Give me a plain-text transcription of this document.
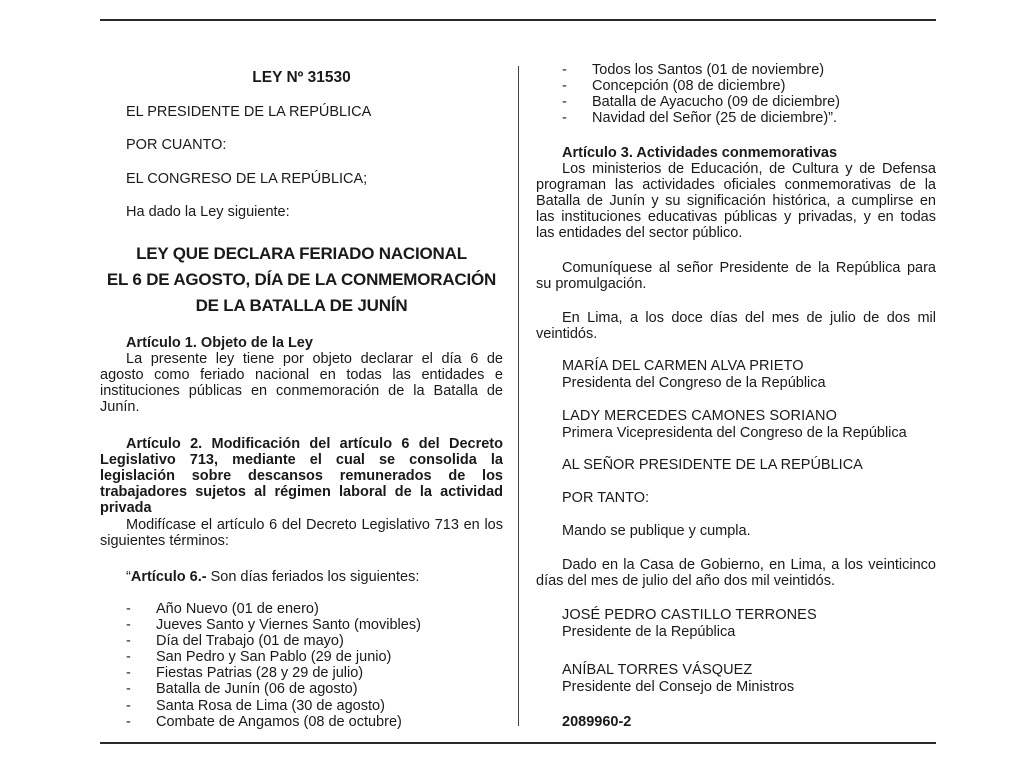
LEY Nº 31530

EL PRESIDENTE DE LA REPÚBLICA

POR CUANTO:

EL CONGRESO DE LA REPÚBLICA;

Ha dado la Ley siguiente:

LEY QUE DECLARA FERIADO NACIONAL
EL 6 DE AGOSTO, DÍA DE LA CONMEMORACIÓN
DE LA BATALLA DE JUNÍN

Artículo 1. Objeto de la Ley

La presente ley tiene por objeto declarar el día 6 de agosto como feriado nacional en todas las entidades e instituciones públicas en conmemoración de la Batalla de Junín.

Artículo 2. Modificación del artículo 6 del Decreto Legislativo 713, mediante el cual se consolida la legislación sobre descansos remunerados de los trabajadores sujetos al régimen laboral de la actividad privada

Modifícase el artículo 6 del Decreto Legislativo 713 en los siguientes términos:

“Artículo 6.- Son días feriados los siguientes:

- Año Nuevo (01 de enero)
- Jueves Santo y Viernes Santo (movibles)
- Día del Trabajo (01 de mayo)
- San Pedro y San Pablo (29 de junio)
- Fiestas Patrias (28 y 29 de julio)
- Batalla de Junín (06 de agosto)
- Santa Rosa de Lima (30 de agosto)
- Combate de Angamos (08 de octubre)
- Todos los Santos (01 de noviembre)
- Concepción (08 de diciembre)
- Batalla de Ayacucho (09 de diciembre)
- Navidad del Señor (25 de diciembre)”.

Artículo 3. Actividades conmemorativas

Los ministerios de Educación, de Cultura y de Defensa programan las actividades oficiales conmemorativas de la Batalla de Junín y su significación histórica, a cumplirse en las instituciones educativas públicas y privadas, y en todas las entidades del sector público.

Comuníquese al señor Presidente de la República para su promulgación.

En Lima, a los doce días del mes de julio de dos mil veintidós.

MARÍA DEL CARMEN ALVA PRIETO

Presidenta del Congreso de la República

LADY MERCEDES CAMONES SORIANO

Primera Vicepresidenta del Congreso de la República

AL SEÑOR PRESIDENTE DE LA REPÚBLICA

POR TANTO:

Mando se publique y cumpla.

Dado en la Casa de Gobierno, en Lima, a los veinticinco días del mes de julio del año dos mil veintidós.

JOSÉ PEDRO CASTILLO TERRONES

Presidente de la República

ANÍBAL TORRES VÁSQUEZ

Presidente del Consejo de Ministros

2089960-2
